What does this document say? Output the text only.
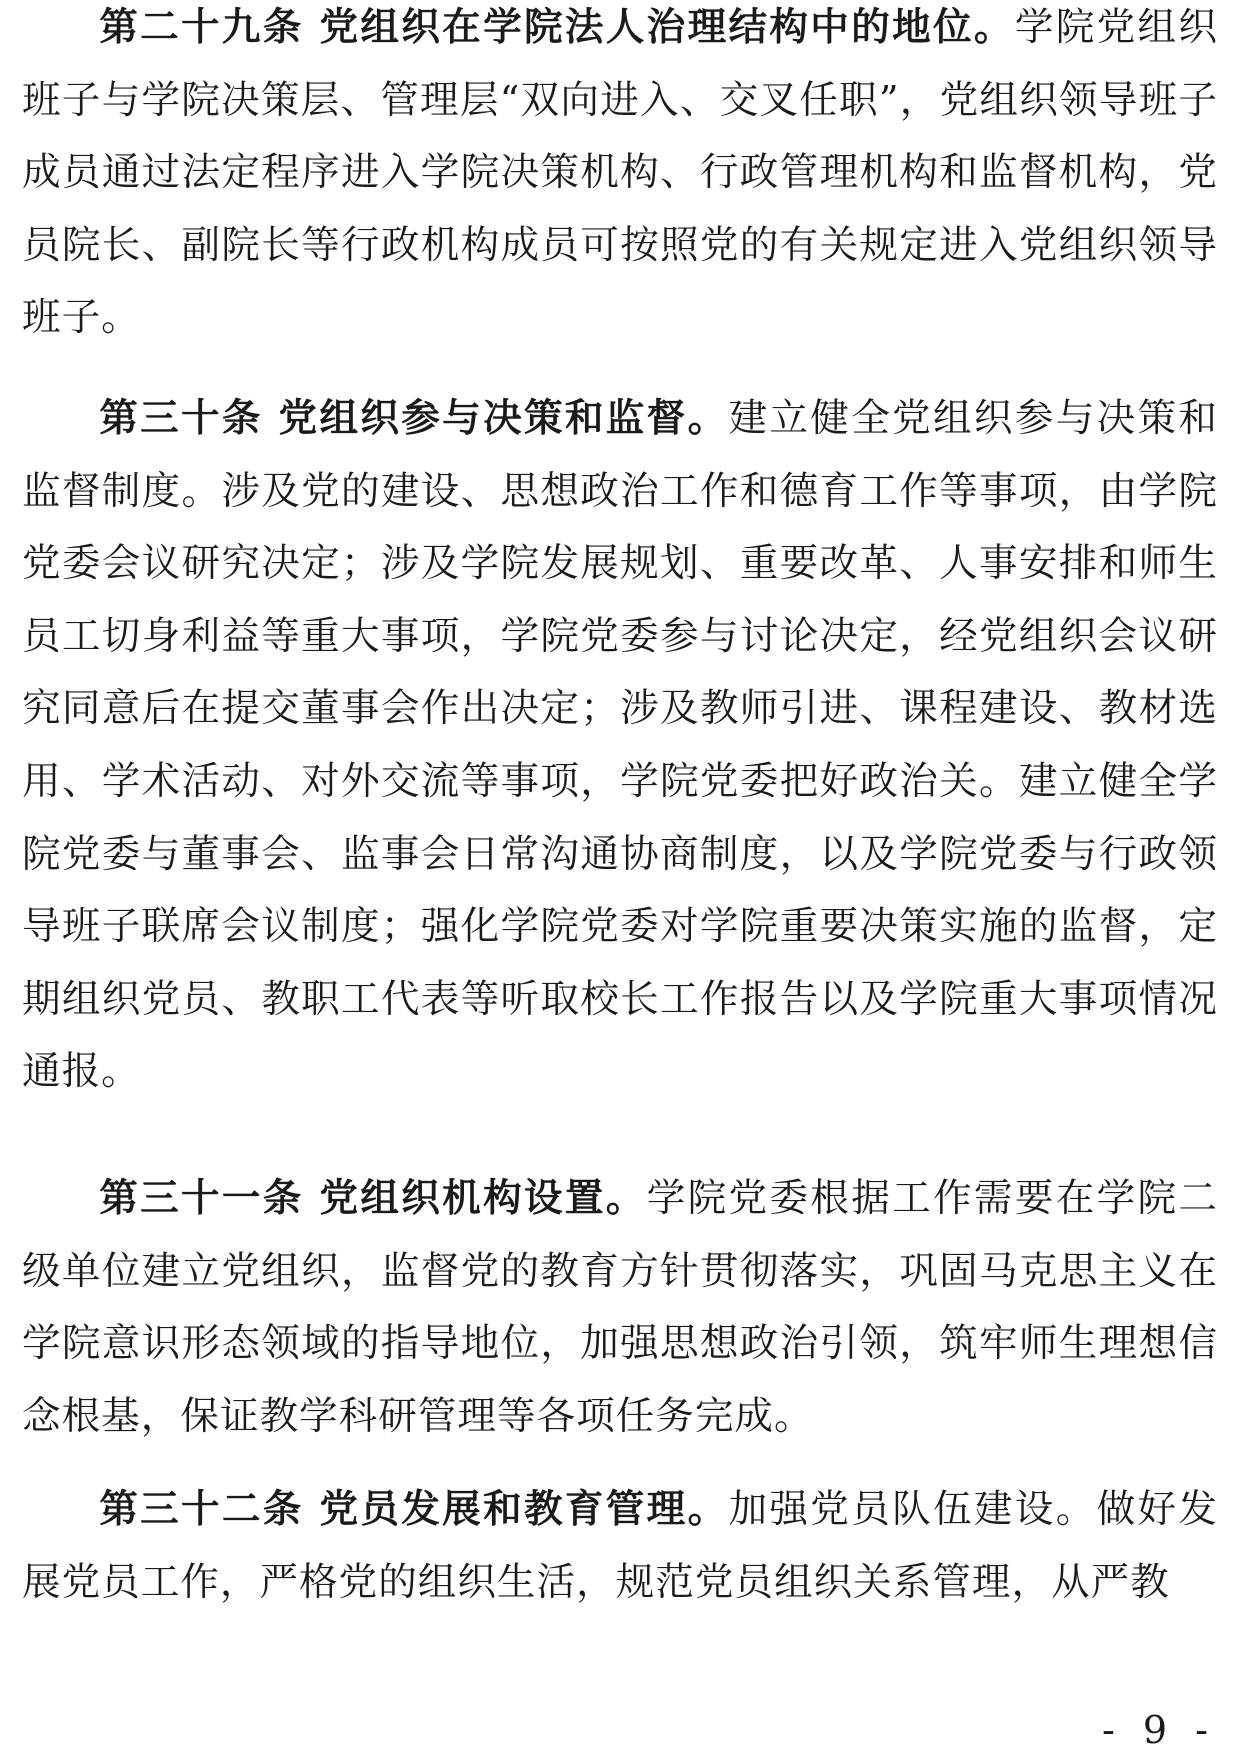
第二十九条 党组织在学院法人治理结构中的地位。学院党组织班子与学院决策层、管理层“双向进入、交叉任职”，党组织领导班子成员通过法定程序进入学院决策机构、行政管理机构和监督机构，党员院长、副院长等行政机构成员可按照党的有关规定进入党组织领导班子。

第三十条 党组织参与决策和监督。建立健全党组织参与决策和监督制度。涉及党的建设、思想政治工作和德育工作等事项，由学院党委会议研究决定；涉及学院发展规划、重要改革、人事安排和师生员工切身利益等重大事项，学院党委参与讨论决定，经党组织会议研究同意后在提交董事会作出决定；涉及教师引进、课程建设、教材选用、学术活动、对外交流等事项，学院党委把好政治关。建立健全学院党委与董事会、监事会日常沟通协商制度，以及学院党委与行政领导班子联席会议制度；强化学院党委对学院重要决策实施的监督，定期组织党员、教职工代表等听取校长工作报告以及学院重大事项情况通报。

第三十一条 党组织机构设置。学院党委根据工作需要在学院二级单位建立党组织，监督党的教育方针贯彻落实，巩固马克思主义在学院意识形态领域的指导地位，加强思想政治引领，筑牢师生理想信念根基，保证教学科研管理等各项任务完成。

第三十二条 党员发展和教育管理。加强党员队伍建设。做好发展党员工作，严格党的组织生活，规范党员组织关系管理，从严教

- 9 -
